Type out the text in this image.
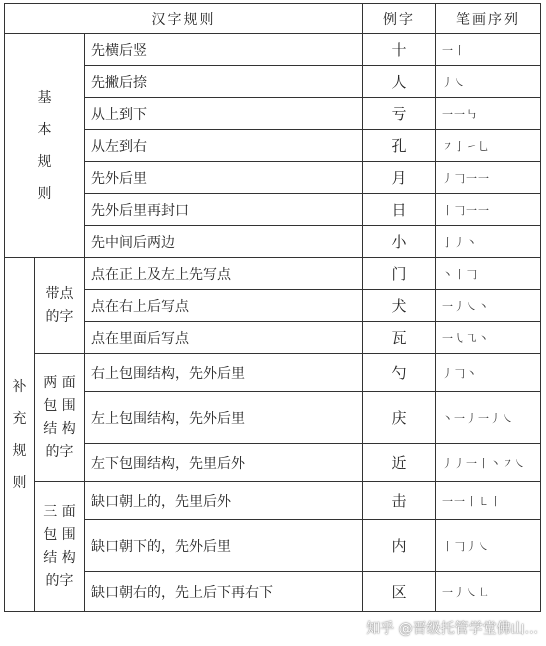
汉字规则			例字	笔画序列

基
本
规
则		先横后竖	十	一丨
		先撇后捺	人	丿㇏
		从上到下	亏	一一㇉
		从左到右	孔	㇇亅㇀乚
		先外后里	月	丿𠃌一一
		先外后里再封口	日	丨𠃌一一
		先中间后两边	小	亅丿丶

补
充
规
则	带点
的字	点在正上及左上先写点	门	丶丨𠃌
		点在右上后写点	犬	一丿㇏丶
		点在里面后写点	瓦	一㇂㇈丶

	两 面
包 围
结 构
的字	右上包围结构，先外后里	勺	丿𠃌丶
		左上包围结构，先外后里	庆	丶一丿一丿㇏
		左下包围结构，先里后外	近	丿丿一丨丶㇇㇏

	三 面
包 围
结 构
的字	缺口朝上的，先里后外	击	一一丨㇄丨
		缺口朝下的，先外后里	内	丨𠃌丿㇏
		缺口朝右的，先上后下再右下	区	一丿㇏㇗
知乎 @晋级托管学堂佛山...
